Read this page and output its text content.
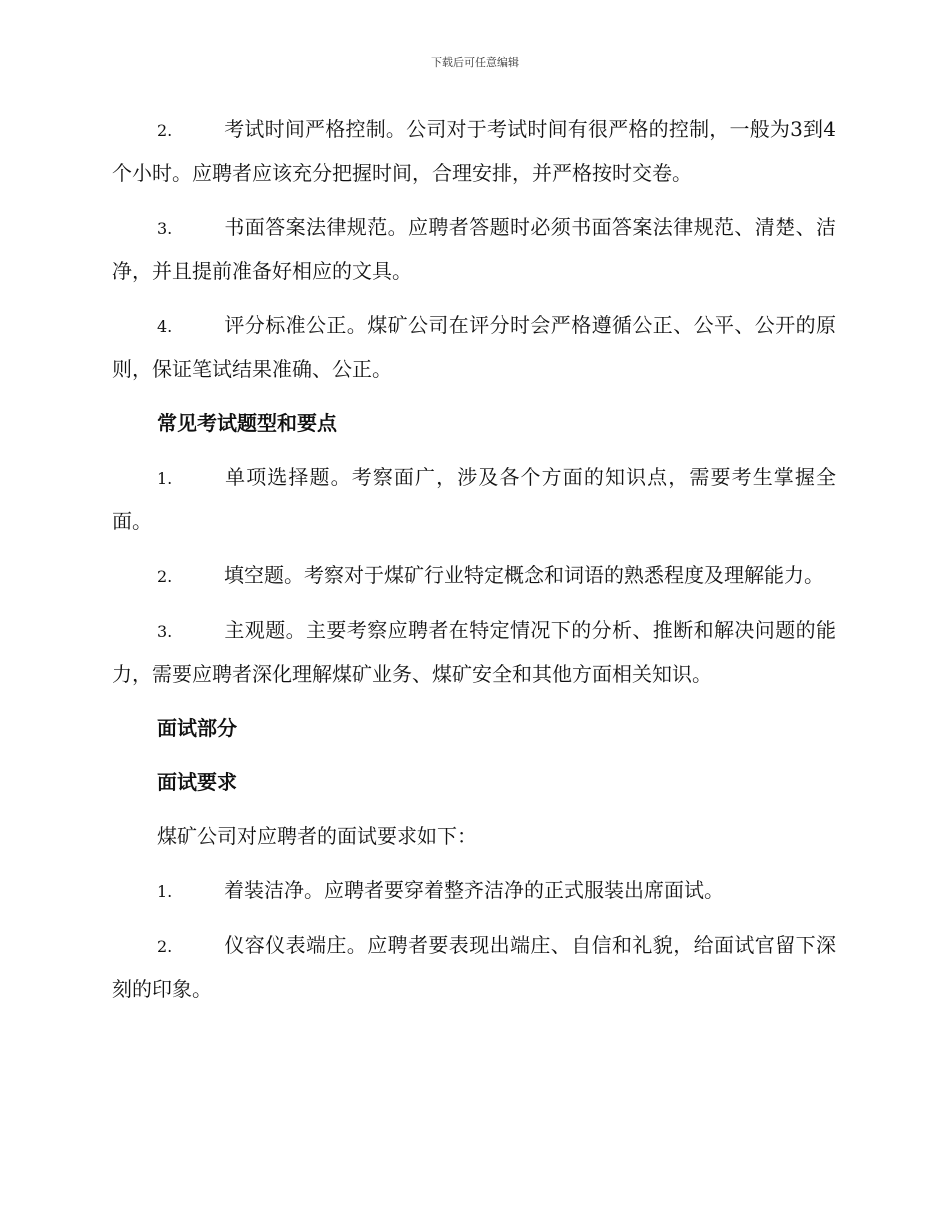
下载后可任意编辑

2.	考试时间严格控制。公司对于考试时间有很严格的控制，一般为3到4个小时。应聘者应该充分把握时间，合理安排，并严格按时交卷。

3.	书面答案法律规范。应聘者答题时必须书面答案法律规范、清楚、洁净，并且提前准备好相应的文具。

4.	评分标准公正。煤矿公司在评分时会严格遵循公正、公平、公开的原则，保证笔试结果准确、公正。

常见考试题型和要点

1.	单项选择题。考察面广，涉及各个方面的知识点，需要考生掌握全面。

2.	填空题。考察对于煤矿行业特定概念和词语的熟悉程度及理解能力。

3.	主观题。主要考察应聘者在特定情况下的分析、推断和解决问题的能力，需要应聘者深化理解煤矿业务、煤矿安全和其他方面相关知识。

面试部分

面试要求

煤矿公司对应聘者的面试要求如下：

1.	着装洁净。应聘者要穿着整齐洁净的正式服装出席面试。

2.	仪容仪表端庄。应聘者要表现出端庄、自信和礼貌，给面试官留下深刻的印象。
